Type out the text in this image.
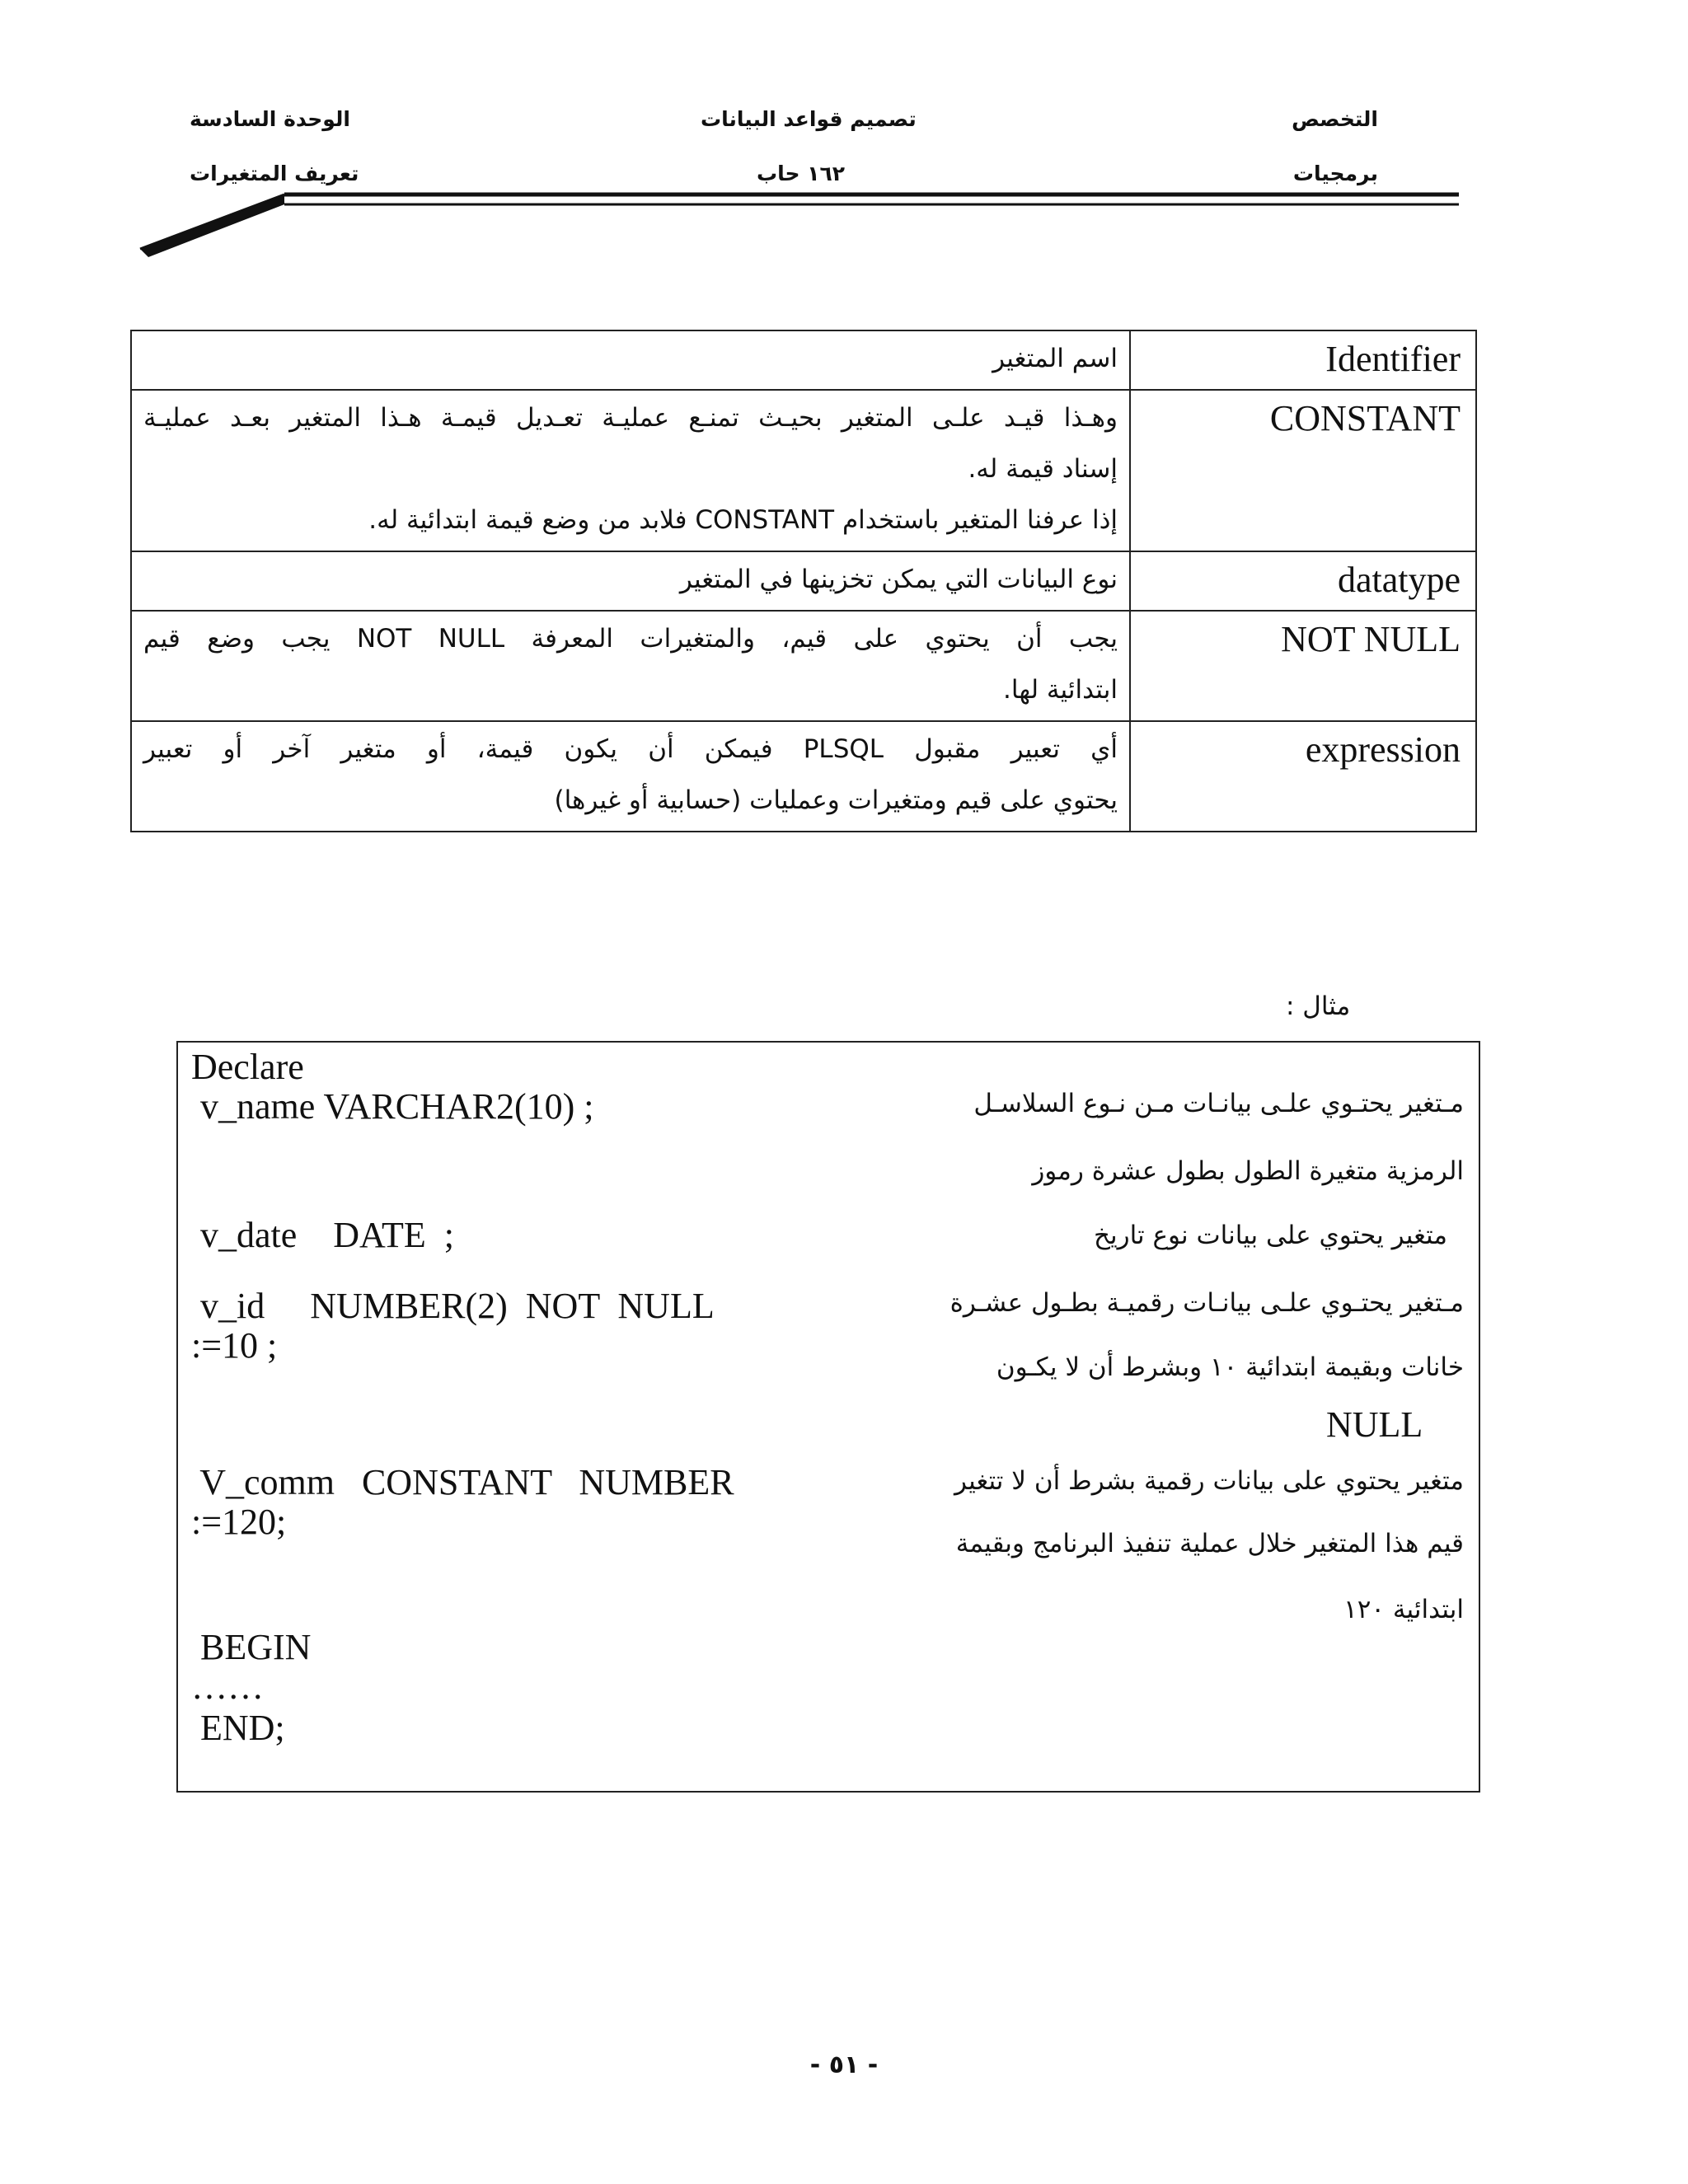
التخصص
برمجيات
تصميم قواعد البيانات
١٦٢ حاب
الوحدة السادسة
تعريف المتغيرات
اسم المتغير	Identifier

وهـذا قيـد علـى المتغير بحيـث تمنـع عمليـة تعـديل قيمـة هـذا المتغير بعـد عمليـة
إسناد قيمة له.
إذا عرفنا المتغير باستخدام CONSTANT فلابد من وضع قيمة ابتدائية له.	CONSTANT

نوع البيانات التي يمكن تخزينها في المتغير	datatype

يجب أن يحتوي على قيم، والمتغيرات المعرفة NOT NULL يجب وضع قيم
ابتدائية لها.	NOT NULL

أي تعبير مقبول PLSQL فيمكن أن يكون قيمة، أو متغير آخر أو تعبير
يحتوي على قيم ومتغيرات وعمليات (حسابية أو غيرها)	expression
مثال :
Declare
v_name VARCHAR2(10) ;
v_date    DATE  ;
v_id     NUMBER(2)  NOT  NULL
:=10 ;
V_comm   CONSTANT   NUMBER
:=120;
BEGIN
……
END;
مـتغير يحتـوي علـى بيانـات مـن نـوع السلاسـل
الرمزية متغيرة الطول بطول عشرة رموز
متغير يحتوي على بيانات نوع تاريخ
مـتغير يحتـوي علـى بيانـات رقميـة بطـول عشـرة
خانات وبقيمة ابتدائية ١٠ وبشرط أن لا يكـون
NULL
متغير يحتوي على بيانات رقمية بشرط أن لا تتغير
قيم هذا المتغير خلال عملية تنفيذ البرنامج وبقيمة
ابتدائية ١٢٠
- ٥١ -
